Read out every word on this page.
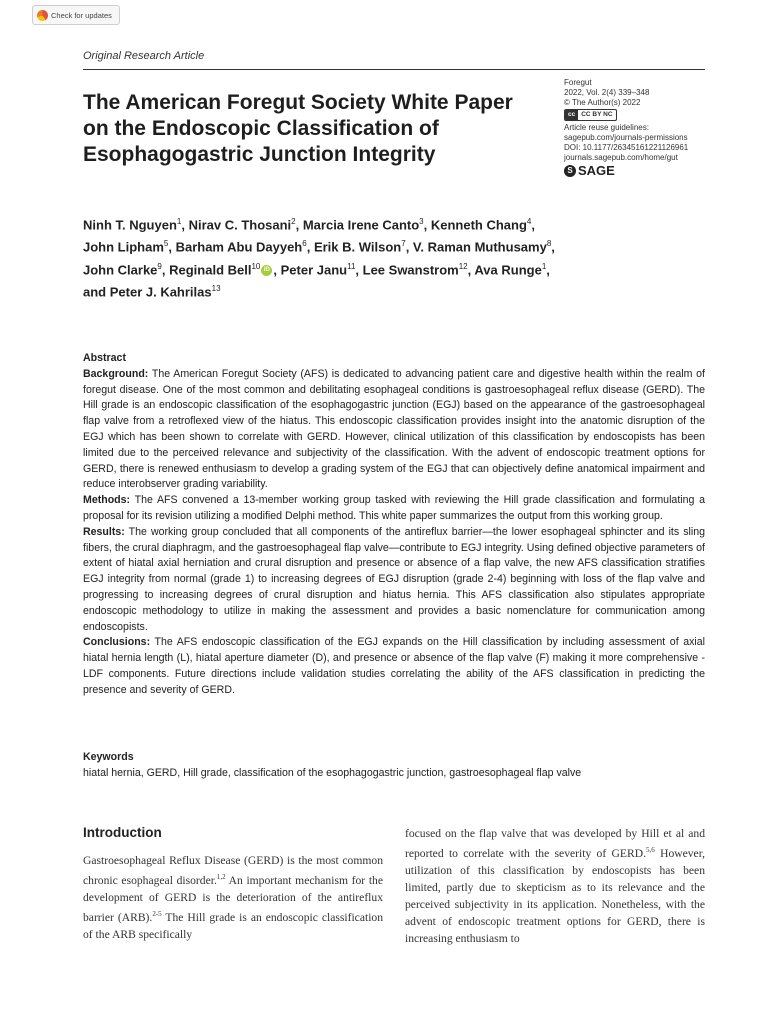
Check for updates
Original Research Article
The American Foregut Society White Paper on the Endoscopic Classification of Esophagogastric Junction Integrity
Foregut
2022, Vol. 2(4) 339–348
© The Author(s) 2022
cc CC BY NC
Article reuse guidelines:
sagepub.com/journals-permissions
DOI: 10.1177/26345161221126961
journals.sagepub.com/home/gut
S SAGE
Ninh T. Nguyen$^1$, Nirav C. Thosani$^2$, Marcia Irene Canto$^3$, Kenneth Chang$^4$, John Lipham$^5$, Barham Abu Dayyeh$^6$, Erik B. Wilson$^7$, V. Raman Muthusamy$^8$, John Clarke$^9$, Reginald Bell$^{10}$ iD , Peter Janu$^{11}$, Lee Swanstrom$^{12}$, Ava Runge$^1$, and Peter J. Kahrilas$^{13}$
Abstract
Background: The American Foregut Society (AFS) is dedicated to advancing patient care and digestive health within the realm of foregut disease. One of the most common and debilitating esophageal conditions is gastroesophageal reflux disease (GERD). The Hill grade is an endoscopic classification of the esophagogastric junction (EGJ) based on the appearance of the gastroesophageal flap valve from a retroflexed view of the hiatus. This endoscopic classification provides insight into the anatomic disruption of the EGJ which has been shown to correlate with GERD. However, clinical utilization of this classification by endoscopists has been limited due to the perceived relevance and subjectivity of the classification. With the advent of endoscopic treatment options for GERD, there is renewed enthusiasm to develop a grading system of the EGJ that can objectively define anatomical impairment and reduce interobserver grading variability.
Methods: The AFS convened a 13-member working group tasked with reviewing the Hill grade classification and formulating a proposal for its revision utilizing a modified Delphi method. This white paper summarizes the output from this working group.
Results: The working group concluded that all components of the antireflux barrier—the lower esophageal sphincter and its sling fibers, the crural diaphragm, and the gastroesophageal flap valve—contribute to EGJ integrity. Using defined objective parameters of extent of hiatal axial herniation and crural disruption and presence or absence of a flap valve, the new AFS classification stratifies EGJ integrity from normal (grade 1) to increasing degrees of EGJ disruption (grade 2-4) beginning with loss of the flap valve and progressing to increasing degrees of crural disruption and hiatus hernia. This AFS classification also stipulates appropriate endoscopic methodology to utilize in making the assessment and provides a basic nomenclature for communication among endoscopists.
Conclusions: The AFS endoscopic classification of the EGJ expands on the Hill classification by including assessment of axial hiatal hernia length (L), hiatal aperture diameter (D), and presence or absence of the flap valve (F) making it more comprehensive - LDF components. Future directions include validation studies correlating the ability of the AFS classification in predicting the presence and severity of GERD.
Keywords
hiatal hernia, GERD, Hill grade, classification of the esophagogastric junction, gastroesophageal flap valve
Introduction
Gastroesophageal Reflux Disease (GERD) is the most common chronic esophageal disorder.$^{1,2}$ An important mechanism for the development of GERD is the deterioration of the antireflux barrier (ARB).$^{2-5}$ The Hill grade is an endoscopic classification of the ARB specifically
focused on the flap valve that was developed by Hill et al and reported to correlate with the severity of GERD.$^{5,6}$ However, utilization of this classification by endoscopists has been limited, partly due to skepticism as to its relevance and the perceived subjectivity in its application. Nonetheless, with the advent of endoscopic treatment options for GERD, there is increasing enthusiasm to
